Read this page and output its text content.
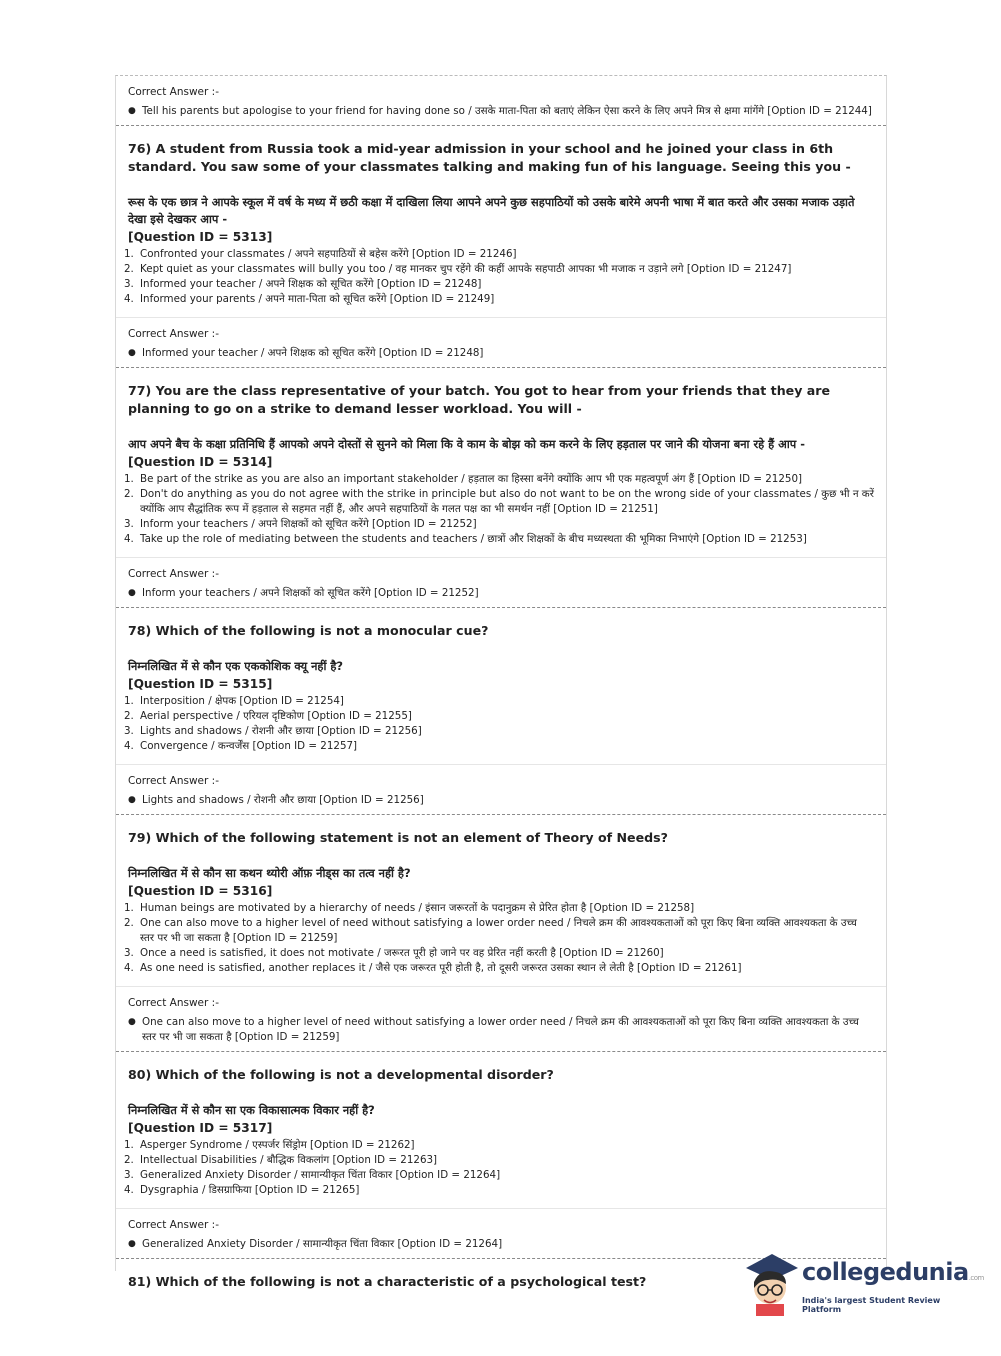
Correct Answer :-
● Tell his parents but apologise to your friend for having done so / उसके माता-पिता को बताएं लेकिन ऐसा करने के लिए अपने मित्र से क्षमा मांगेंगे [Option ID = 21244]
76) A student from Russia took a mid-year admission in your school and he joined your class in 6th standard. You saw some of your classmates talking and making fun of his language. Seeing this you -
रूस के एक छात्र ने आपके स्कूल में वर्ष के मध्य में छठी कक्षा में दाखिला लिया आपने अपने कुछ सहपाठियों को उसके बारेमे अपनी भाषा में बात करते और उसका मजाक उड़ाते देखा इसे देखकर आप -
[Question ID = 5313]
1. Confronted your classmates / अपने सहपाठियों से बहेस करेंगे [Option ID = 21246]
2. Kept quiet as your classmates will bully you too / वह मानकर चुप रहेंगे की कहीं आपके सहपाठी आपका भी मजाक न उड़ाने लगे [Option ID = 21247]
3. Informed your teacher / अपने शिक्षक को सूचित करेंगे [Option ID = 21248]
4. Informed your parents / अपने माता-पिता को सूचित करेंगे [Option ID = 21249]
Correct Answer :-
● Informed your teacher / अपने शिक्षक को सूचित करेंगे [Option ID = 21248]
77) You are the class representative of your batch. You got to hear from your friends that they are planning to go on a strike to demand lesser workload. You will -
आप अपने बैच के कक्षा प्रतिनिधि हैं आपको अपने दोस्तों से सुनने को मिला कि वे काम के बोझ को कम करने के लिए हड़ताल पर जाने की योजना बना रहे हैं आप -
[Question ID = 5314]
1. Be part of the strike as you are also an important stakeholder / हड़ताल का हिस्सा बनेंगे क्योंकि आप भी एक महत्वपूर्ण अंग हैं [Option ID = 21250]
2. Don't do anything as you do not agree with the strike in principle but also do not want to be on the wrong side of your classmates / कुछ भी न करें क्योंकि आप सैद्धांतिक रूप में हड़ताल से सहमत नहीं हैं, और अपने सहपाठियों के गलत पक्ष का भी समर्थन नहीं [Option ID = 21251]
3. Inform your teachers / अपने शिक्षकों को सूचित करेंगे [Option ID = 21252]
4. Take up the role of mediating between the students and teachers / छात्रों और शिक्षकों के बीच मध्यस्थता की भूमिका निभाएंगे [Option ID = 21253]
Correct Answer :-
● Inform your teachers / अपने शिक्षकों को सूचित करेंगे [Option ID = 21252]
78) Which of the following is not a monocular cue?
निम्नलिखित में से कौन एक एककोशिक क्यू नहीं है?
[Question ID = 5315]
1. Interposition / क्षेपक [Option ID = 21254]
2. Aerial perspective / एरियल दृष्टिकोण [Option ID = 21255]
3. Lights and shadows / रोशनी और छाया [Option ID = 21256]
4. Convergence / कन्वर्जेंस [Option ID = 21257]
Correct Answer :-
● Lights and shadows / रोशनी और छाया [Option ID = 21256]
79) Which of the following statement is not an element of Theory of Needs?
निम्नलिखित में से कौन सा कथन थ्योरी ऑफ़ नीड्स का तत्व नहीं है?
[Question ID = 5316]
1. Human beings are motivated by a hierarchy of needs / इंसान जरूरतों के पदानुक्रम से प्रेरित होता है [Option ID = 21258]
2. One can also move to a higher level of need without satisfying a lower order need / निचले क्रम की आवश्यकताओं को पूरा किए बिना व्यक्ति आवश्यकता के उच्च स्तर पर भी जा सकता है [Option ID = 21259]
3. Once a need is satisfied, it does not motivate / जरूरत पूरी हो जाने पर वह प्रेरित नहीं करती है [Option ID = 21260]
4. As one need is satisfied, another replaces it / जैसे एक जरूरत पूरी होती है, तो दूसरी जरूरत उसका स्थान ले लेती है [Option ID = 21261]
Correct Answer :-
● One can also move to a higher level of need without satisfying a lower order need / निचले क्रम की आवश्यकताओं को पूरा किए बिना व्यक्ति आवश्यकता के उच्च स्तर पर भी जा सकता है [Option ID = 21259]
80) Which of the following is not a developmental disorder?
निम्नलिखित में से कौन सा एक विकासात्मक विकार नहीं है?
[Question ID = 5317]
1. Asperger Syndrome / एस्पर्जर सिंड्रोम [Option ID = 21262]
2. Intellectual Disabilities / बौद्धिक विकलांग [Option ID = 21263]
3. Generalized Anxiety Disorder / सामान्यीकृत चिंता विकार [Option ID = 21264]
4. Dysgraphia / डिसग्राफिया [Option ID = 21265]
Correct Answer :-
● Generalized Anxiety Disorder / सामान्यीकृत चिंता विकार [Option ID = 21264]
81) Which of the following is not a characteristic of a psychological test?	collegedunia.com
India's largest Student Review Platform
